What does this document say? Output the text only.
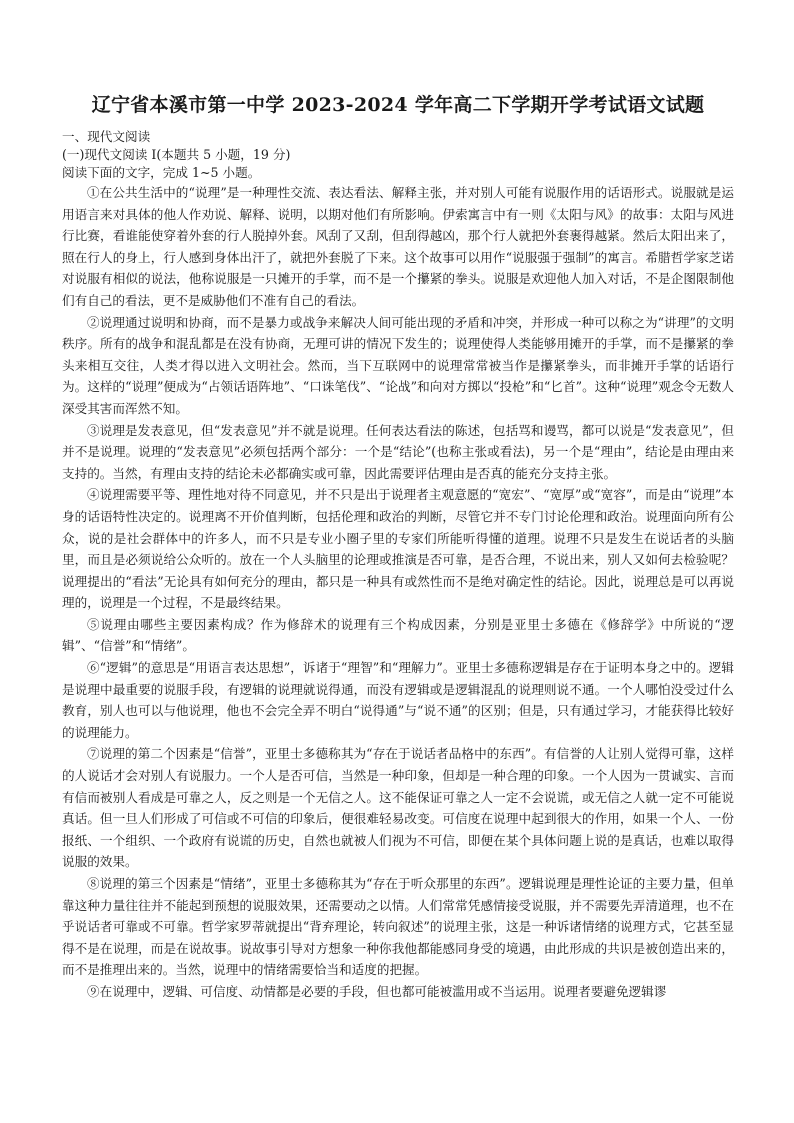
辽宁省本溪市第一中学 2023-2024 学年高二下学期开学考试语文试题

一、现代文阅读

(一)现代文阅读 I(本题共 5 小题，19 分)

阅读下面的文字，完成 1~5 小题。

①在公共生活中的“说理”是一种理性交流、表达看法、解释主张，并对别人可能有说服作用的话语形式。说服就是运用语言来对具体的他人作劝说、解释、说明，以期对他们有所影响。伊索寓言中有一则《太阳与风》的故事：太阳与风进行比赛，看谁能使穿着外套的行人脱掉外套。风刮了又刮，但刮得越凶，那个行人就把外套裹得越紧。然后太阳出来了，照在行人的身上，行人感到身体出汗了，就把外套脱了下来。这个故事可以用作“说服强于强制”的寓言。希腊哲学家芝诺对说服有相似的说法，他称说服是一只摊开的手掌，而不是一个攥紧的拳头。说服是欢迎他人加入对话，不是企图限制他们有自己的看法，更不是威胁他们不准有自己的看法。

②说理通过说明和协商，而不是暴力或战争来解决人间可能出现的矛盾和冲突，并形成一种可以称之为“讲理”的文明秩序。所有的战争和混乱都是在没有协商，无理可讲的情况下发生的；说理使得人类能够用摊开的手掌，而不是攥紧的拳头来相互交往，人类才得以进入文明社会。然而，当下互联网中的说理常常被当作是攥紧拳头，而非摊开手掌的话语行为。这样的“说理”便成为“占领话语阵地”、“口诛笔伐”、“论战”和向对方掷以“投枪”和“匕首”。这种“说理”观念令无数人深受其害而浑然不知。

③说理是发表意见，但“发表意见”并不就是说理。任何表达看法的陈述，包括骂和谩骂，都可以说是“发表意见”，但并不是说理。说理的“发表意见”必须包括两个部分：一个是“结论”(也称主张或看法)，另一个是“理由”，结论是由理由来支持的。当然，有理由支持的结论未必都确实或可靠，因此需要评估理由是否真的能充分支持主张。

④说理需要平等、理性地对待不同意见，并不只是出于说理者主观意愿的“宽宏”、“宽厚”或“宽容”，而是由“说理”本身的话语特性决定的。说理离不开价值判断，包括伦理和政治的判断，尽管它并不专门讨论伦理和政治。说理面向所有公众，说的是社会群体中的许多人，而不只是专业小圈子里的专家们所能听得懂的道理。说理不只是发生在说话者的头脑里，而且是必须说给公众听的。放在一个人头脑里的论理或推演是否可靠，是否合理，不说出来，别人又如何去检验呢？说理提出的“看法”无论具有如何充分的理由，都只是一种具有或然性而不是绝对确定性的结论。因此，说理总是可以再说理的，说理是一个过程，不是最终结果。

⑤说理由哪些主要因素构成？作为修辞术的说理有三个构成因素，分别是亚里士多德在《修辞学》中所说的“逻辑”、“信誉”和“情绪”。

⑥“逻辑”的意思是“用语言表达思想”，诉诸于“理智”和“理解力”。亚里士多德称逻辑是存在于证明本身之中的。逻辑是说理中最重要的说服手段，有逻辑的说理就说得通，而没有逻辑或是逻辑混乱的说理则说不通。一个人哪怕没受过什么教育，别人也可以与他说理，他也不会完全弄不明白“说得通”与“说不通”的区别；但是，只有通过学习，才能获得比较好的说理能力。

⑦说理的第二个因素是“信誉”，亚里士多德称其为“存在于说话者品格中的东西”。有信誉的人让别人觉得可靠，这样的人说话才会对别人有说服力。一个人是否可信，当然是一种印象，但却是一种合理的印象。一个人因为一贯诚实、言而有信而被别人看成是可靠之人，反之则是一个无信之人。这不能保证可靠之人一定不会说谎，或无信之人就一定不可能说真话。但一旦人们形成了可信或不可信的印象后，便很难轻易改变。可信度在说理中起到很大的作用，如果一个人、一份报纸、一个组织、一个政府有说谎的历史，自然也就被人们视为不可信，即便在某个具体问题上说的是真话，也难以取得说服的效果。

⑧说理的第三个因素是“情绪”，亚里士多德称其为“存在于听众那里的东西”。逻辑说理是理性论证的主要力量，但单靠这种力量往往并不能起到预想的说服效果，还需要动之以情。人们常常凭感情接受说服，并不需要先弄清道理，也不在乎说话者可靠或不可靠。哲学家罗蒂就提出“背弃理论，转向叙述”的说理主张，这是一种诉诸情绪的说理方式，它甚至显得不是在说理，而是在说故事。说故事引导对方想象一种你我他都能感同身受的境遇，由此形成的共识是被创造出来的，而不是推理出来的。当然，说理中的情绪需要恰当和适度的把握。

⑨在说理中，逻辑、可信度、动情都是必要的手段，但也都可能被滥用或不当运用。说理者要避免逻辑谬
